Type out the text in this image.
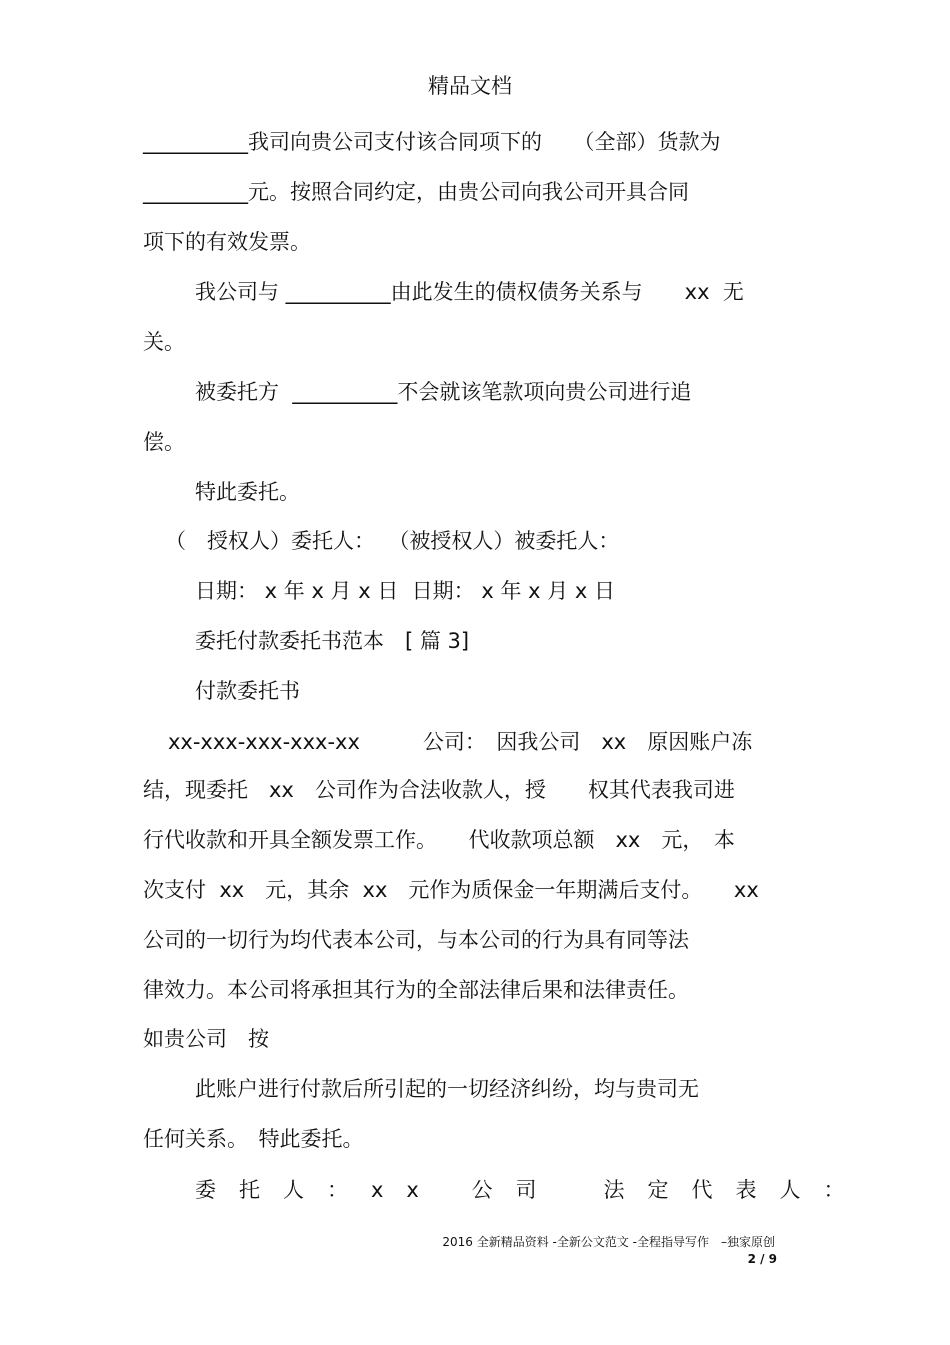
精品文档
__________我司向贵公司支付该合同项下的　　（全部）货款为
__________元。按照合同约定，由贵公司向我公司开具合同
项下的有效发票。
我公司与 __________由此发生的债权债务关系与　　xx  无
关。
被委托方  __________不会就该笔款项向贵公司进行追
偿。
特此委托。
（　授权人）委托人：  （被授权人）被委托人：
日期： x 年 x 月 x 日  日期： x 年 x 月 x 日
委托付款委托书范本　[ 篇 3]
付款委托书
xx-xxx-xxx-xxx-xx　　　公司：　因我公司　xx　原因账户冻
结，现委托　xx　公司作为合法收款人，授　　权其代表我司进
行代收款和开具全额发票工作。　　代收款项总额　xx　元，　本
次支付  xx　元，其余  xx　元作为质保金一年期满后支付。　　xx
公司的一切行为均代表本公司，与本公司的行为具有同等法
律效力。本公司将承担其行为的全部法律后果和法律责任。
如贵公司　按
此账户进行付款后所引起的一切经济纠纷，均与贵司无
任何关系。　特此委托。
委托人：xx 公司　法定代表人：
2016 全新精品资料 -全新公文范文 -全程指导写作　–独家原创
2 / 9
